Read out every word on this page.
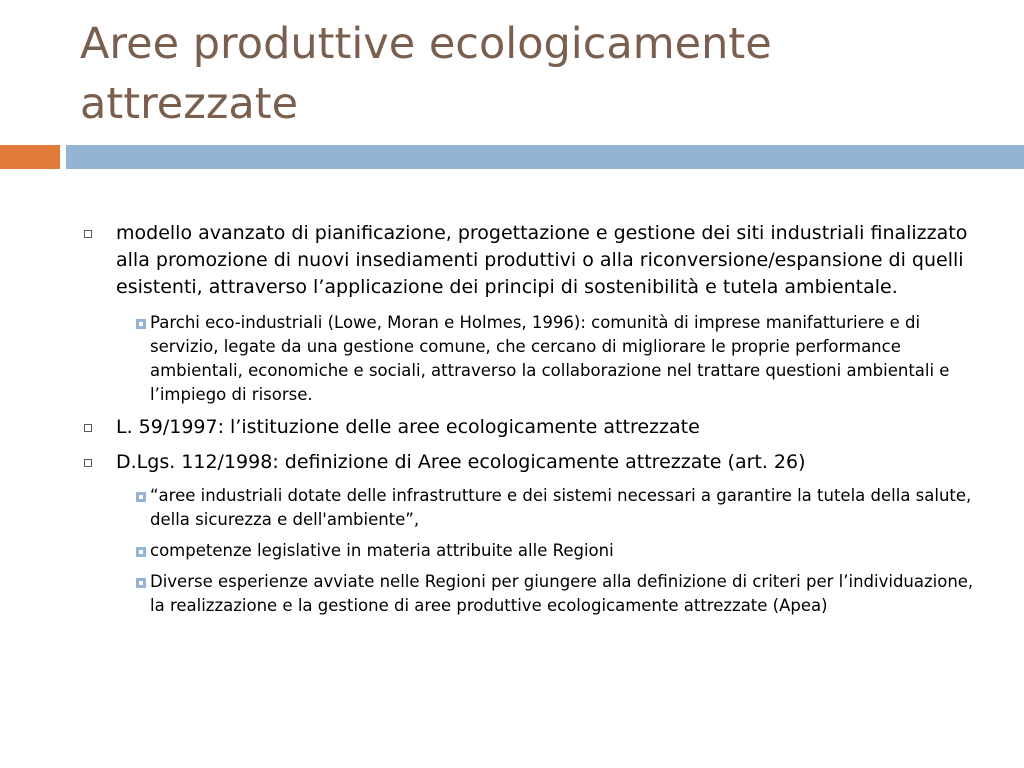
Aree produttive ecologicamente attrezzate
modello avanzato di pianificazione, progettazione e gestione dei siti industriali finalizzato alla promozione di nuovi insediamenti produttivi o alla riconversione/espansione di quelli esistenti, attraverso l’applicazione dei principi di sostenibilità e tutela ambientale.
Parchi eco-industriali (Lowe, Moran e Holmes, 1996): comunità di imprese manifatturiere e di servizio, legate da una gestione comune, che cercano di migliorare le proprie performance ambientali, economiche e sociali, attraverso la collaborazione nel trattare questioni ambientali e l’impiego di risorse.
L. 59/1997: l’istituzione delle aree ecologicamente attrezzate
D.Lgs. 112/1998: definizione di Aree ecologicamente attrezzate (art. 26)
“aree industriali dotate delle infrastrutture e dei sistemi necessari a garantire la tutela della salute, della sicurezza e dell'ambiente”,
competenze legislative in materia attribuite alle Regioni
Diverse esperienze avviate nelle Regioni per giungere alla definizione di criteri per l’individuazione, la realizzazione e la gestione di aree produttive ecologicamente attrezzate (Apea)
